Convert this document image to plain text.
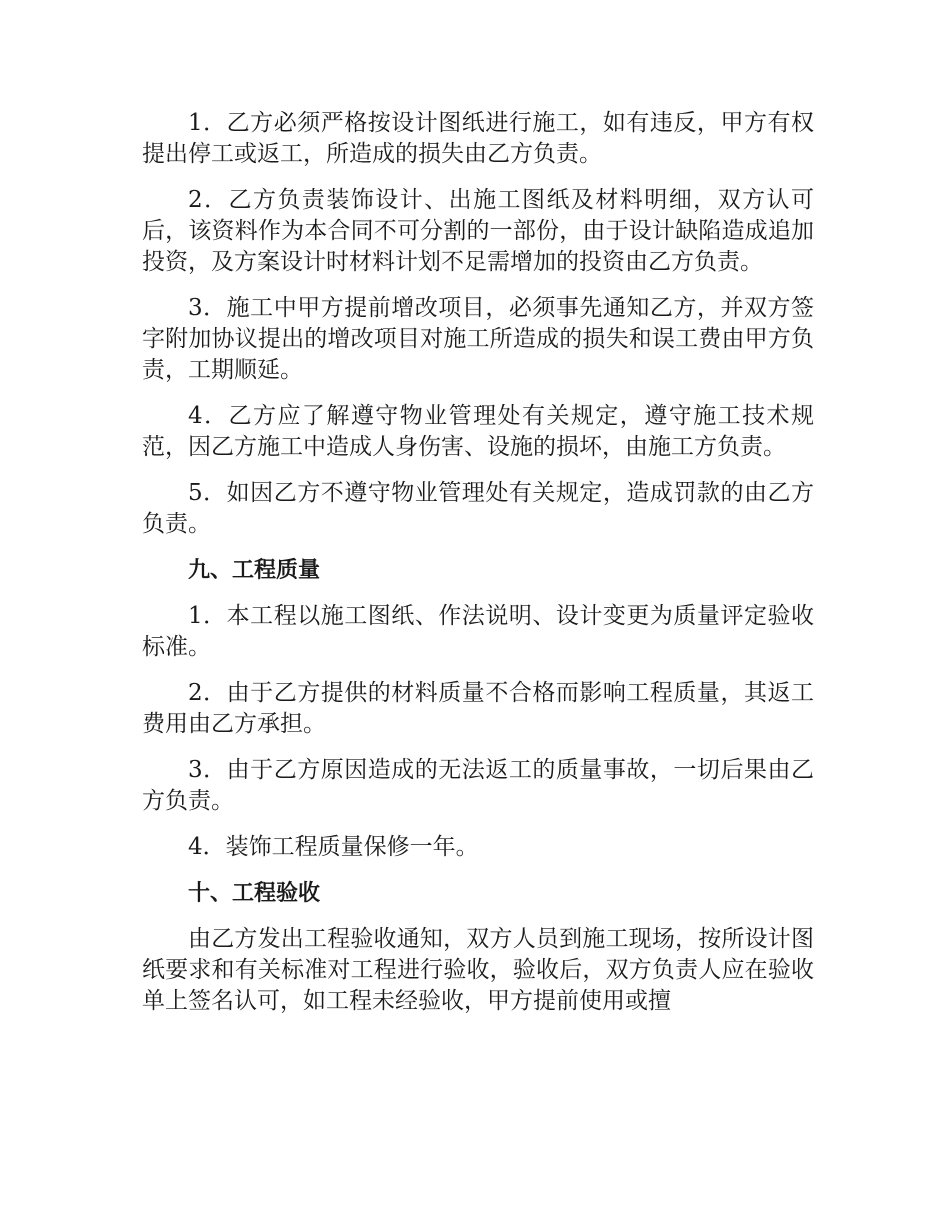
1．乙方必须严格按设计图纸进行施工，如有违反，甲方有权提出停工或返工，所造成的损失由乙方负责。

2．乙方负责装饰设计、出施工图纸及材料明细，双方认可后，该资料作为本合同不可分割的一部份，由于设计缺陷造成追加投资，及方案设计时材料计划不足需增加的投资由乙方负责。

3．施工中甲方提前增改项目，必须事先通知乙方，并双方签字附加协议提出的增改项目对施工所造成的损失和误工费由甲方负责，工期顺延。

4．乙方应了解遵守物业管理处有关规定，遵守施工技术规范，因乙方施工中造成人身伤害、设施的损坏，由施工方负责。

5．如因乙方不遵守物业管理处有关规定，造成罚款的由乙方负责。

九、工程质量

1．本工程以施工图纸、作法说明、设计变更为质量评定验收标准。

2．由于乙方提供的材料质量不合格而影响工程质量，其返工费用由乙方承担。

3．由于乙方原因造成的无法返工的质量事故，一切后果由乙方负责。

4．装饰工程质量保修一年。

十、工程验收

由乙方发出工程验收通知，双方人员到施工现场，按所设计图纸要求和有关标准对工程进行验收，验收后，双方负责人应在验收单上签名认可，如工程未经验收，甲方提前使用或擅
